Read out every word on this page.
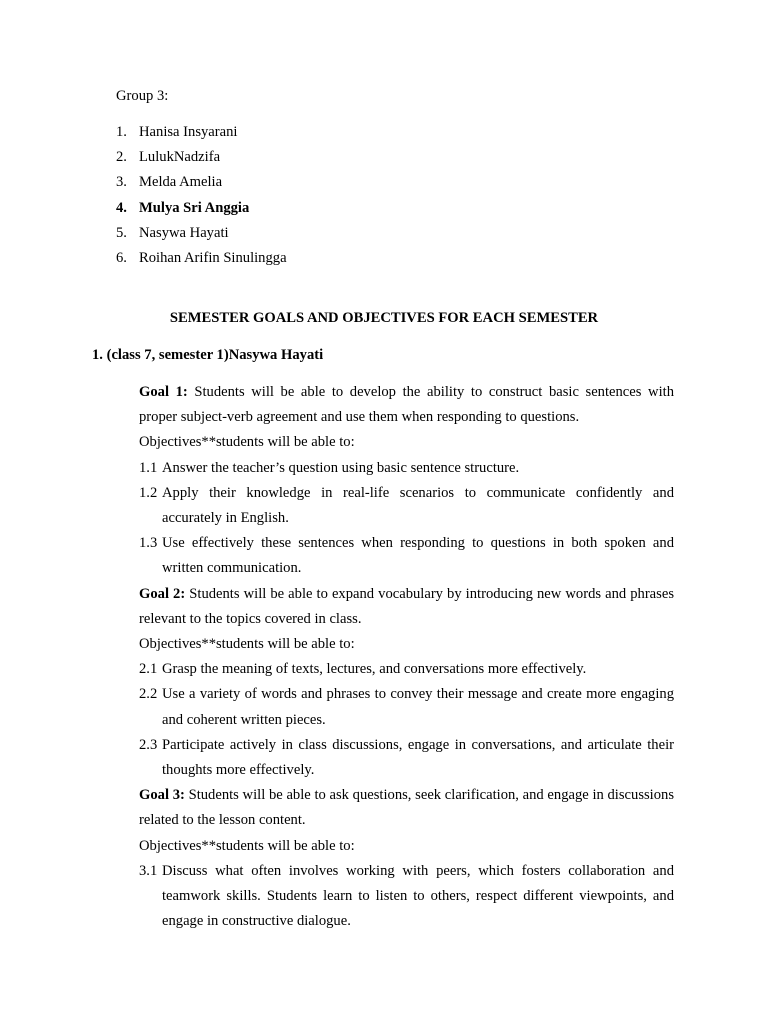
Group 3:
1. Hanisa Insyarani
2. LulukNadzifa
3. Melda Amelia
4. Mulya Sri Anggia
5. Nasywa Hayati
6. Roihan Arifin Sinulingga
SEMESTER GOALS AND OBJECTIVES FOR EACH SEMESTER
1. (class 7, semester 1)Nasywa Hayati
Goal 1: Students will be able to develop the ability to construct basic sentences with proper subject-verb agreement and use them when responding to questions.
Objectives**students will be able to:
1.1 Answer the teacher’s question using basic sentence structure.
1.2 Apply their knowledge in real-life scenarios to communicate confidently and accurately in English.
1.3 Use effectively these sentences when responding to questions in both spoken and written communication.
Goal 2: Students will be able to expand vocabulary by introducing new words and phrases relevant to the topics covered in class.
Objectives**students will be able to:
2.1 Grasp the meaning of texts, lectures, and conversations more effectively.
2.2 Use a variety of words and phrases to convey their message and create more engaging and coherent written pieces.
2.3 Participate actively in class discussions, engage in conversations, and articulate their thoughts more effectively.
Goal 3: Students will be able to ask questions, seek clarification, and engage in discussions related to the lesson content.
Objectives**students will be able to:
3.1 Discuss what often involves working with peers, which fosters collaboration and teamwork skills. Students learn to listen to others, respect different viewpoints, and engage in constructive dialogue.
